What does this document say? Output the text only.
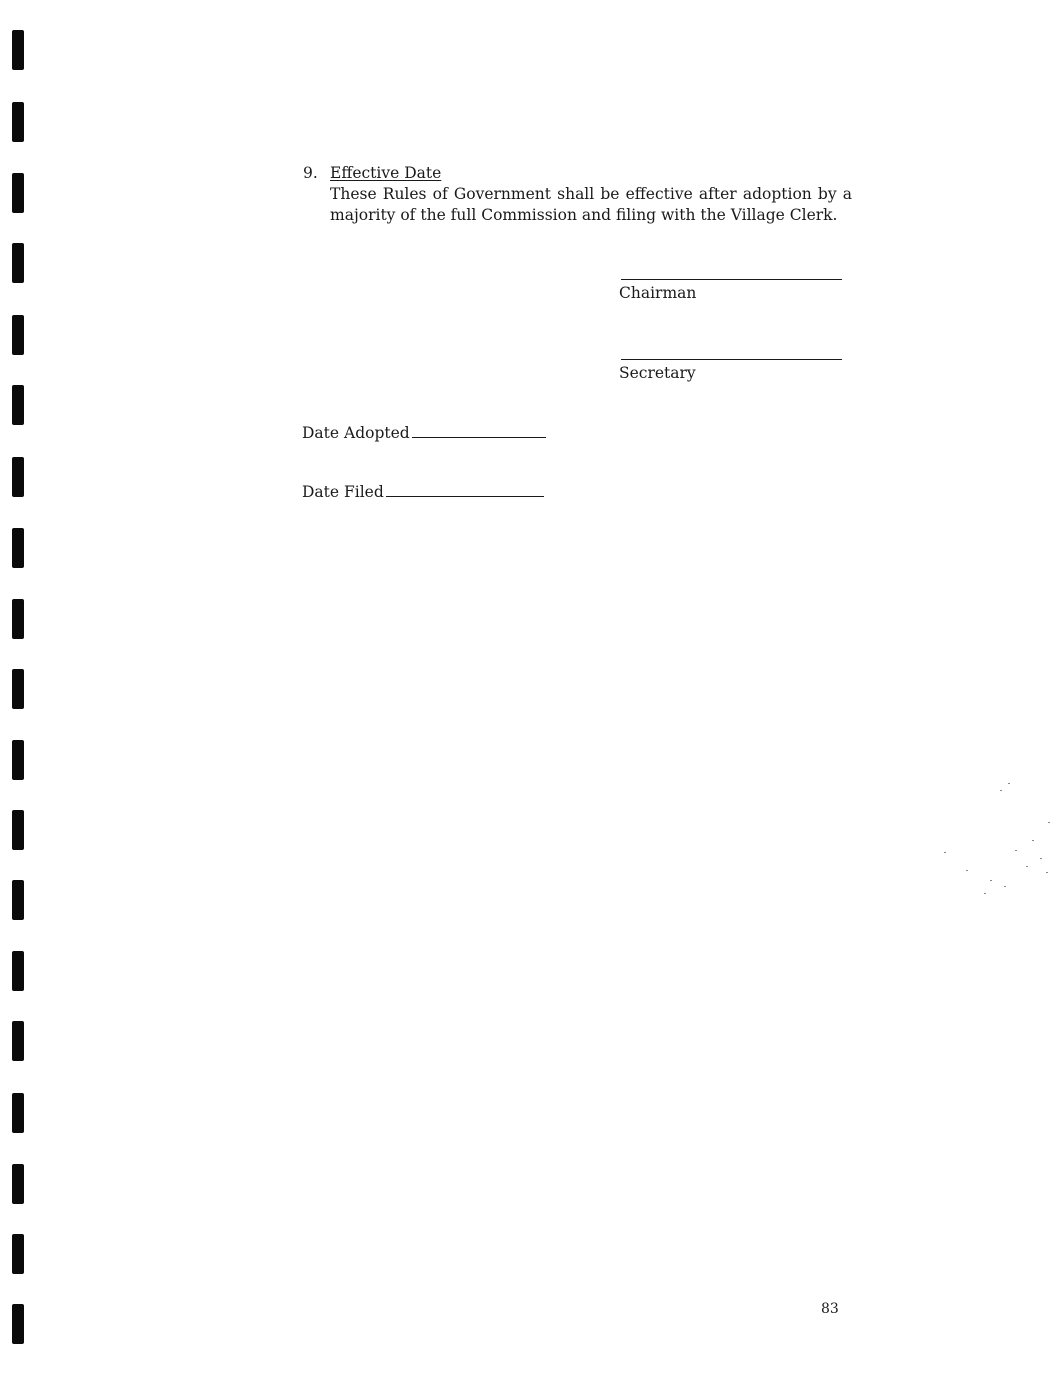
9. Effective Date
These Rules of Government shall be effective after adoption by a majority of the full Commission and filing with the Village Clerk.
Chairman
Secretary
Date Adopted
Date Filed
83
